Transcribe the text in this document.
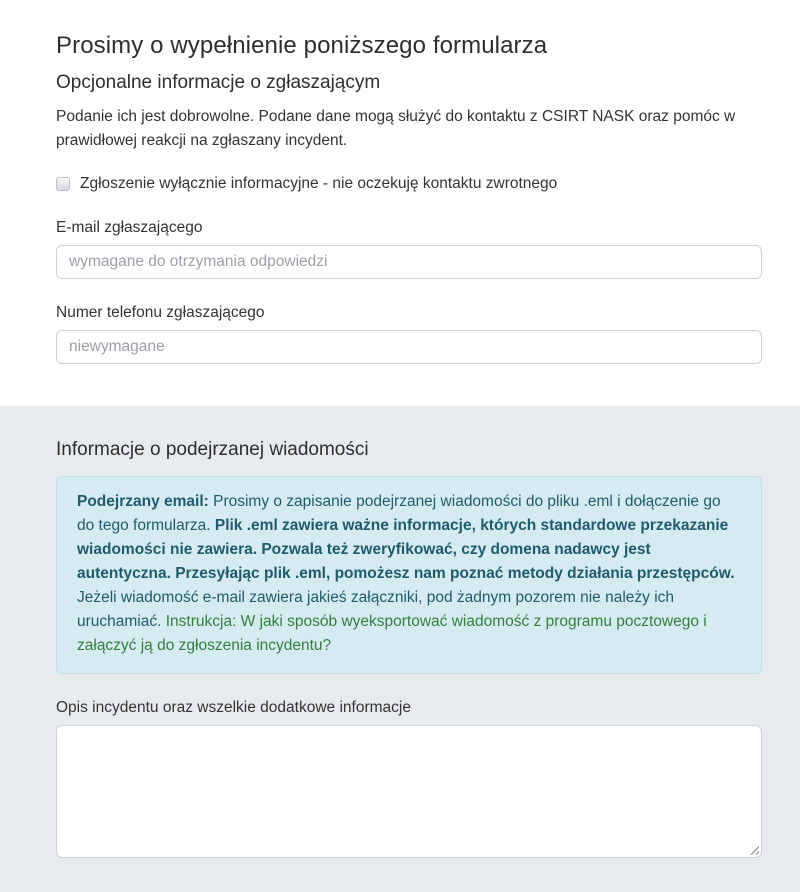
Prosimy o wypełnienie poniższego formularza
Opcjonalne informacje o zgłaszającym

Podanie ich jest dobrowolne. Podane dane mogą służyć do kontaktu z CSIRT NASK oraz pomóc w prawidłowej reakcji na zgłaszany incydent.

Zgłoszenie wyłącznie informacyjne - nie oczekuję kontaktu zwrotnego
E-mail zgłaszającego
wymagane do otrzymania odpowiedzi
Numer telefonu zgłaszającego
niewymagane
Informacje o podejrzanej wiadomości
Podejrzany email: Prosimy o zapisanie podejrzanej wiadomości do pliku .eml i dołączenie go do tego formularza. Plik .eml zawiera ważne informacje, których standardowe przekazanie wiadomości nie zawiera. Pozwala też zweryfikować, czy domena nadawcy jest autentyczna. Przesyłając plik .eml, pomożesz nam poznać metody działania przestępców. Jeżeli wiadomość e-mail zawiera jakieś załączniki, pod żadnym pozorem nie należy ich uruchamiać. Instrukcja: W jaki sposób wyeksportować wiadomość z programu pocztowego i załączyć ją do zgłoszenia incydentu?
Opis incydentu oraz wszelkie dodatkowe informacje
